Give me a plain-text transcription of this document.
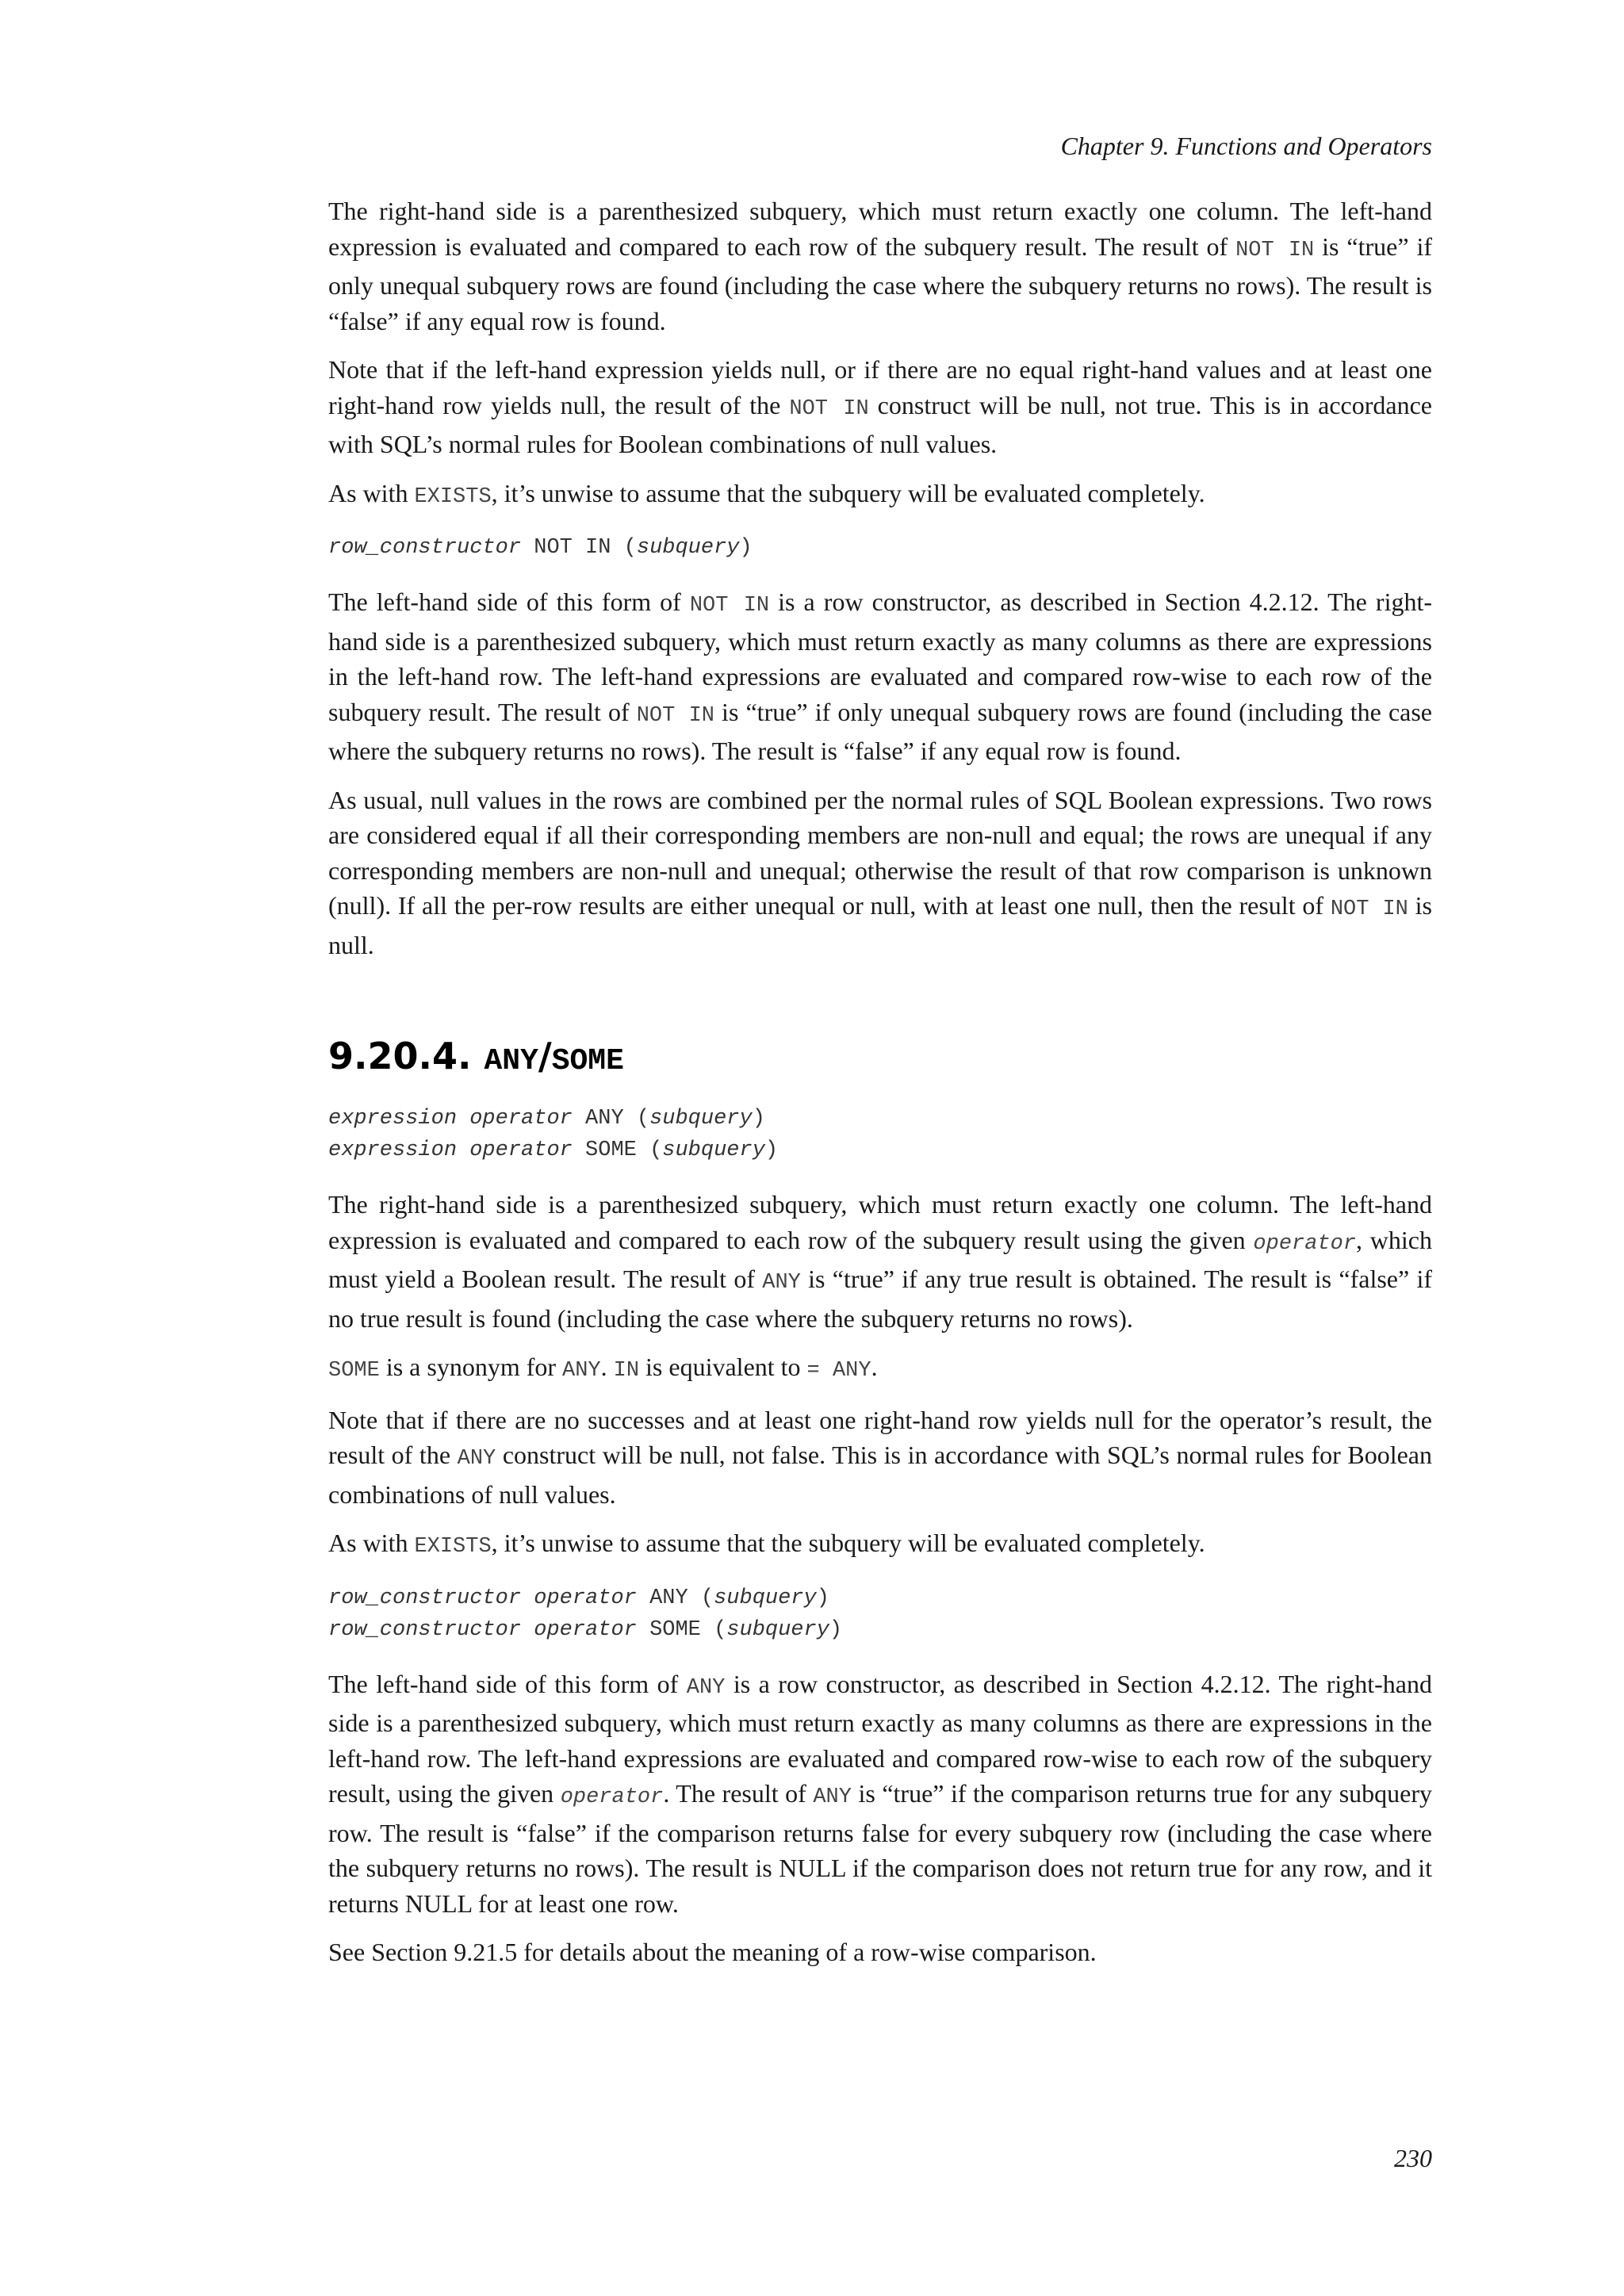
Chapter 9. Functions and Operators

The right-hand side is a parenthesized subquery, which must return exactly one column. The left-hand expression is evaluated and compared to each row of the subquery result. The result of NOT IN is “true” if only unequal subquery rows are found (including the case where the subquery returns no rows). The result is “false” if any equal row is found.

Note that if the left-hand expression yields null, or if there are no equal right-hand values and at least one right-hand row yields null, the result of the NOT IN construct will be null, not true. This is in accordance with SQL’s normal rules for Boolean combinations of null values.

As with EXISTS, it’s unwise to assume that the subquery will be evaluated completely.

row_constructor NOT IN (subquery)

The left-hand side of this form of NOT IN is a row constructor, as described in Section 4.2.12. The right-hand side is a parenthesized subquery, which must return exactly as many columns as there are expressions in the left-hand row. The left-hand expressions are evaluated and compared row-wise to each row of the subquery result. The result of NOT IN is “true” if only unequal subquery rows are found (including the case where the subquery returns no rows). The result is “false” if any equal row is found.

As usual, null values in the rows are combined per the normal rules of SQL Boolean expressions. Two rows are considered equal if all their corresponding members are non-null and equal; the rows are unequal if any corresponding members are non-null and unequal; otherwise the result of that row comparison is unknown (null). If all the per-row results are either unequal or null, with at least one null, then the result of NOT IN is null.

9.20.4. ANY/SOME
expression operator ANY (subquery)
expression operator SOME (subquery)

The right-hand side is a parenthesized subquery, which must return exactly one column. The left-hand expression is evaluated and compared to each row of the subquery result using the given operator, which must yield a Boolean result. The result of ANY is “true” if any true result is obtained. The result is “false” if no true result is found (including the case where the subquery returns no rows).

SOME is a synonym for ANY. IN is equivalent to = ANY.

Note that if there are no successes and at least one right-hand row yields null for the operator’s result, the result of the ANY construct will be null, not false. This is in accordance with SQL’s normal rules for Boolean combinations of null values.

As with EXISTS, it’s unwise to assume that the subquery will be evaluated completely.

row_constructor operator ANY (subquery)
row_constructor operator SOME (subquery)

The left-hand side of this form of ANY is a row constructor, as described in Section 4.2.12. The right-hand side is a parenthesized subquery, which must return exactly as many columns as there are expressions in the left-hand row. The left-hand expressions are evaluated and compared row-wise to each row of the subquery result, using the given operator. The result of ANY is “true” if the comparison returns true for any subquery row. The result is “false” if the comparison returns false for every subquery row (including the case where the subquery returns no rows). The result is NULL if the comparison does not return true for any row, and it returns NULL for at least one row.

See Section 9.21.5 for details about the meaning of a row-wise comparison.

230
